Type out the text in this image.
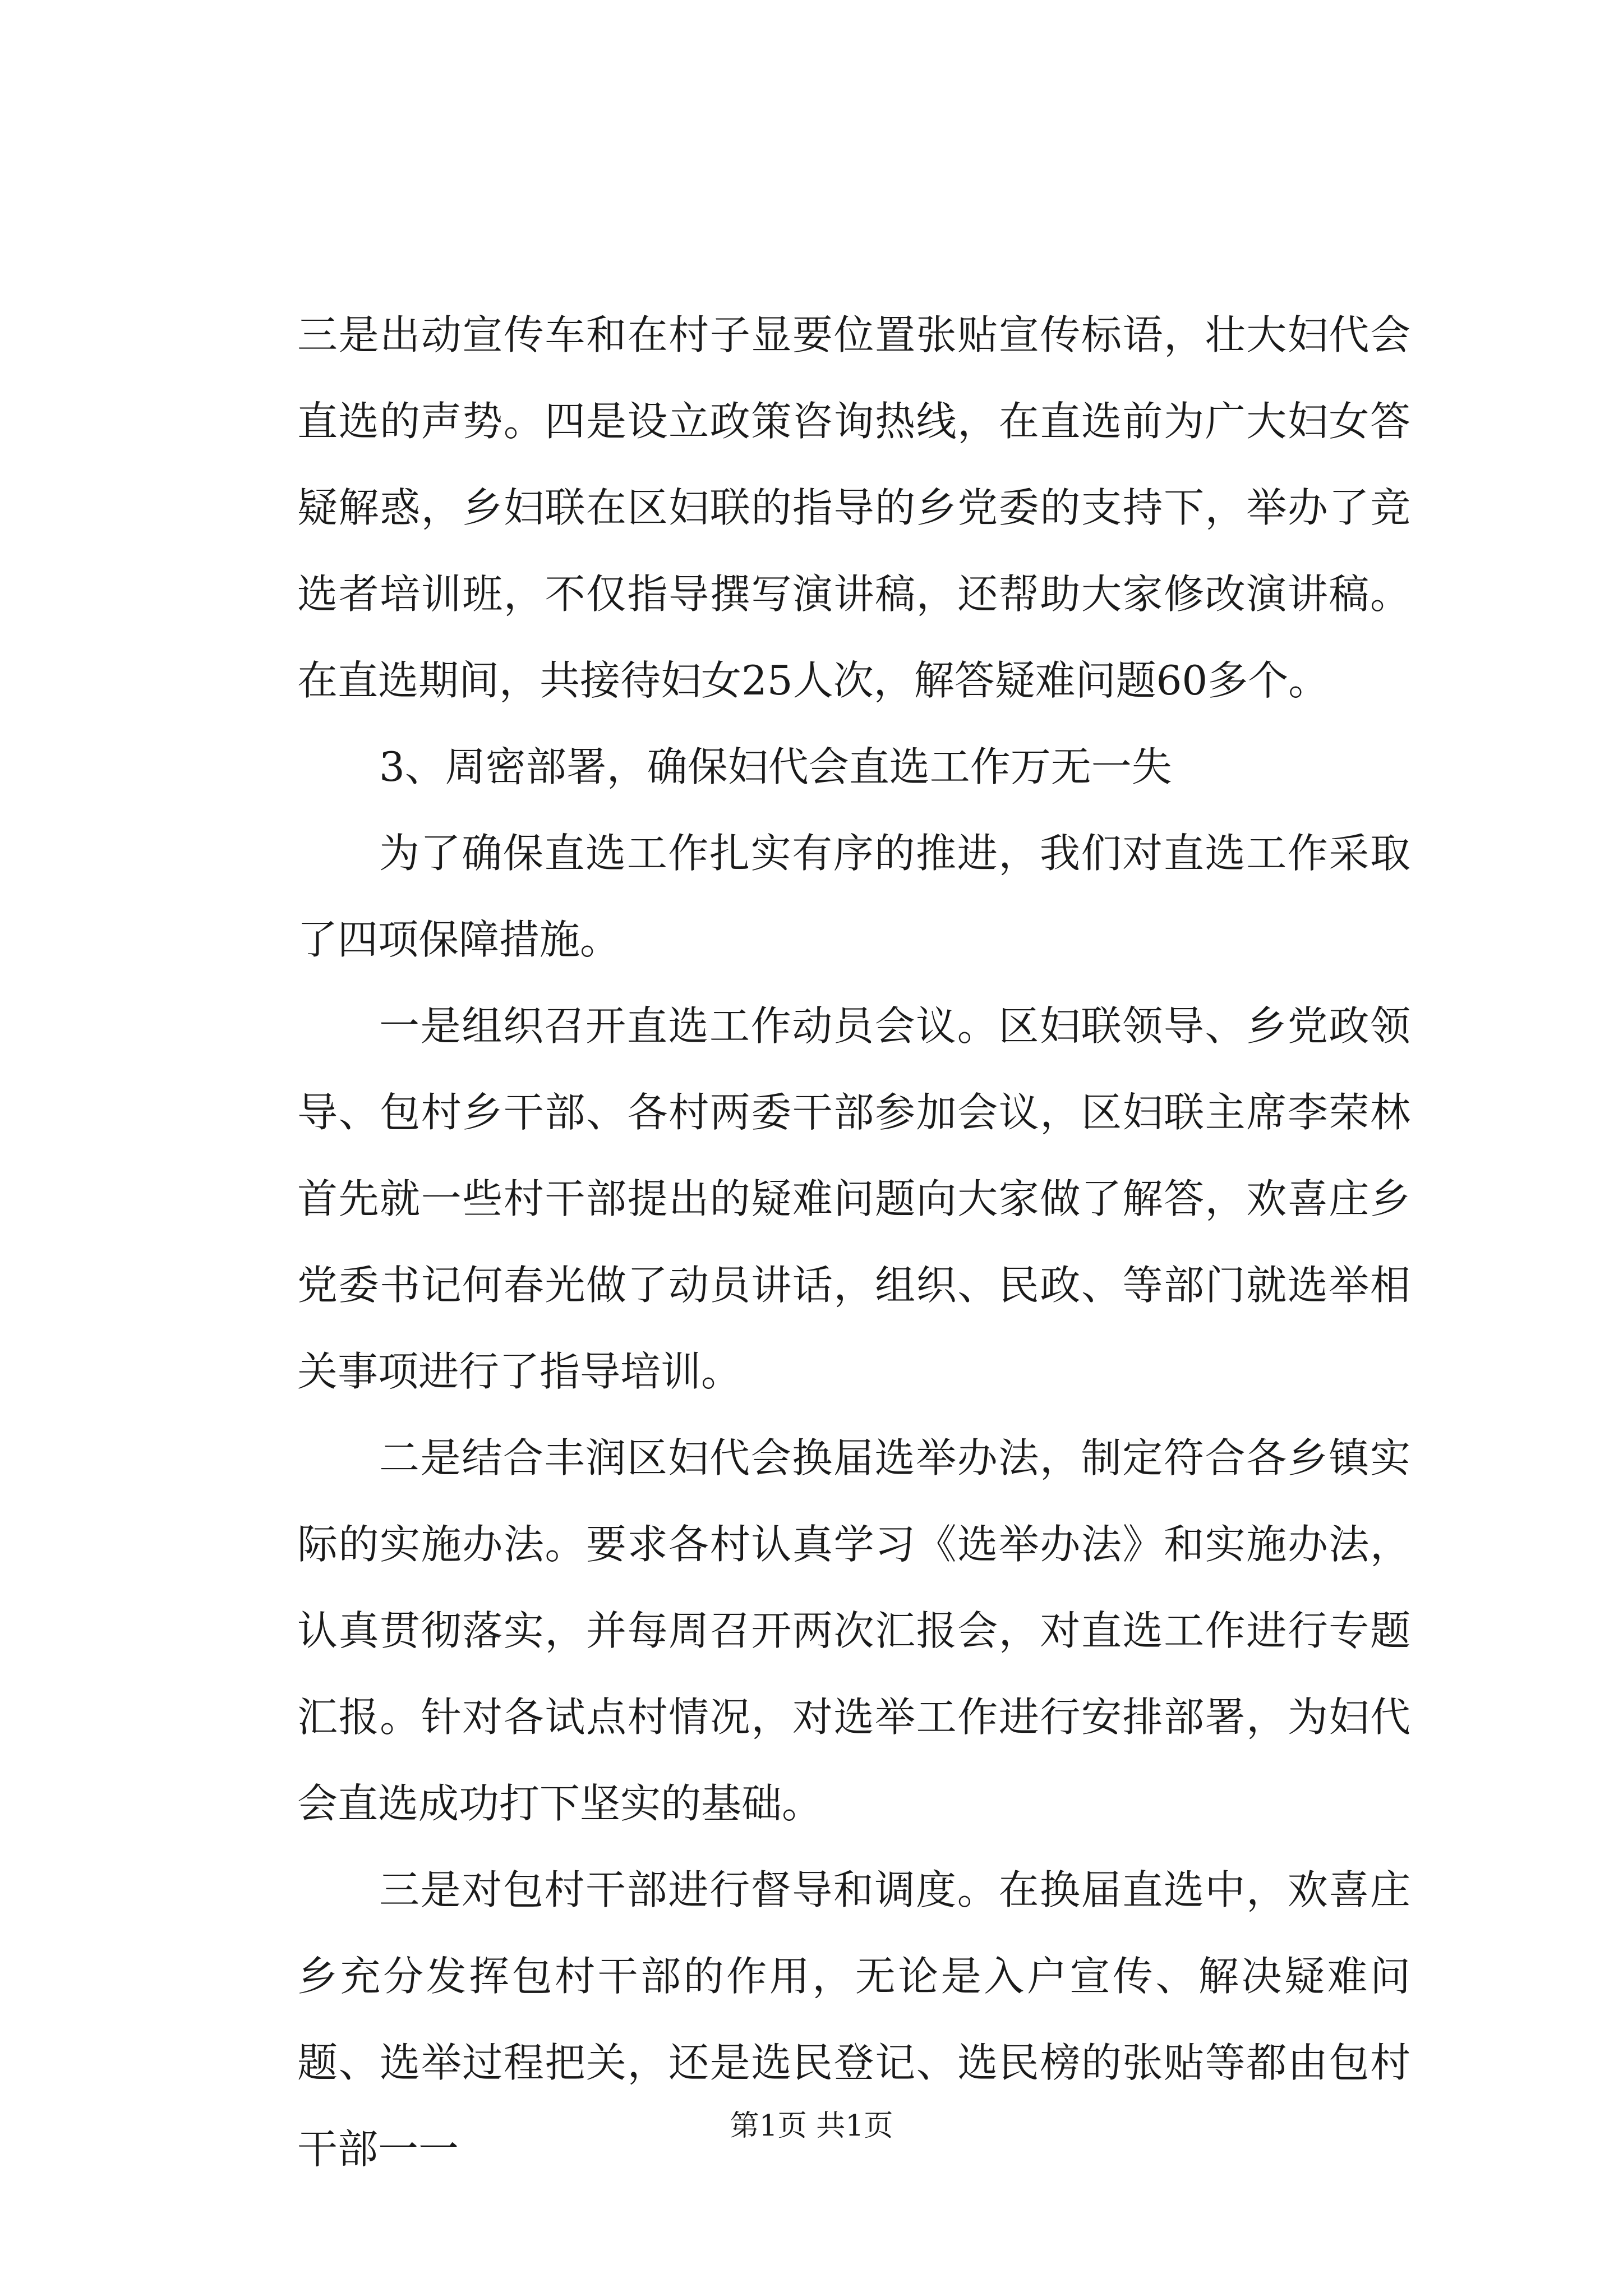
三是出动宣传车和在村子显要位置张贴宣传标语，壮大妇代会直选的声势。四是设立政策咨询热线，在直选前为广大妇女答疑解惑，乡妇联在区妇联的指导的乡党委的支持下，举办了竞选者培训班，不仅指导撰写演讲稿，还帮助大家修改演讲稿。在直选期间，共接待妇女25人次，解答疑难问题60多个。

3、周密部署，确保妇代会直选工作万无一失

为了确保直选工作扎实有序的推进，我们对直选工作采取了四项保障措施。

一是组织召开直选工作动员会议。区妇联领导、乡党政领导、包村乡干部、各村两委干部参加会议，区妇联主席李荣林首先就一些村干部提出的疑难问题向大家做了解答，欢喜庄乡党委书记何春光做了动员讲话，组织、民政、等部门就选举相关事项进行了指导培训。

二是结合丰润区妇代会换届选举办法，制定符合各乡镇实际的实施办法。要求各村认真学习《选举办法》和实施办法，认真贯彻落实，并每周召开两次汇报会，对直选工作进行专题汇报。针对各试点村情况，对选举工作进行安排部署，为妇代会直选成功打下坚实的基础。

三是对包村干部进行督导和调度。在换届直选中，欢喜庄乡充分发挥包村干部的作用，无论是入户宣传、解决疑难问题、选举过程把关，还是选民登记、选民榜的张贴等都由包村干部一一	第1页 共1页
